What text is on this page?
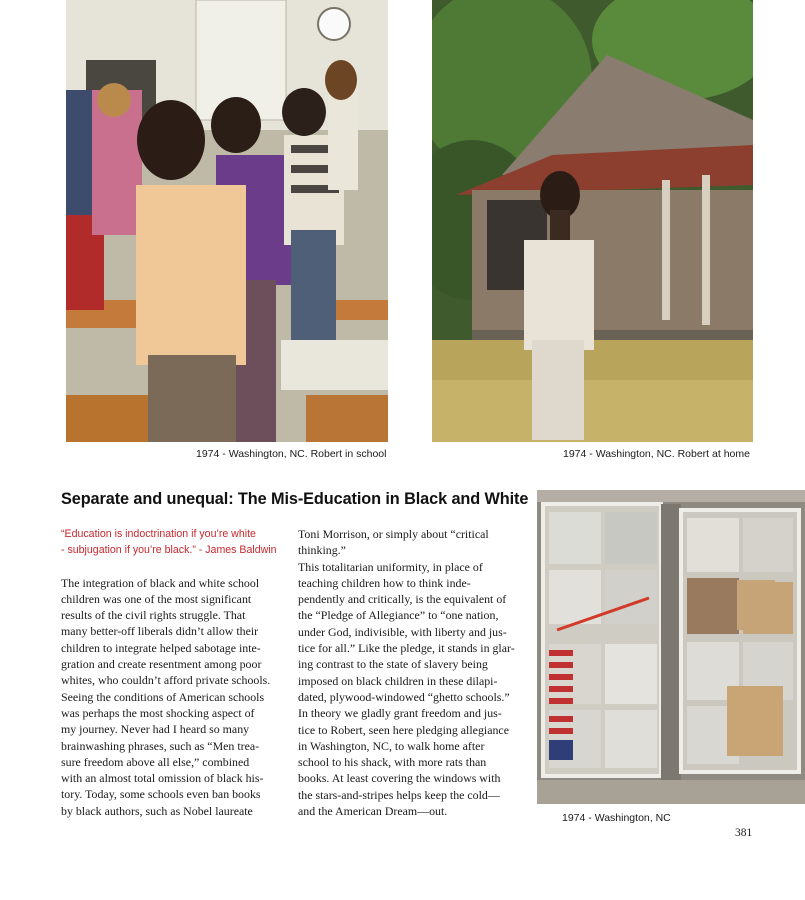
1974 - Washington, NC. Robert in school	1974 - Washington, NC. Robert at home
Separate and unequal: The Mis-Education in Black and White

“Education is indoctrination if you’re white
- subjugation if you’re black.” - James Baldwin

The integration of black and white school
children was one of the most significant
results of the civil rights struggle. That
many better-off liberals didn’t allow their
children to integrate helped sabotage inte-
gration and create resentment among poor
whites, who couldn’t afford private schools.
Seeing the conditions of American schools
was perhaps the most shocking aspect of
my journey. Never had I heard so many
brainwashing phrases, such as “Men trea-
sure freedom above all else,” combined
with an almost total omission of black his-
tory. Today, some schools even ban books
by black authors, such as Nobel laureate

Toni Morrison, or simply about “critical
thinking.”
This totalitarian uniformity, in place of
teaching children how to think inde-
pendently and critically, is the equivalent of
the “Pledge of Allegiance” to “one nation,
under God, indivisible, with liberty and jus-
tice for all.” Like the pledge, it stands in glar-
ing contrast to the state of slavery being
imposed on black children in these dilapi-
dated, plywood-windowed “ghetto schools.”
In theory we gladly grant freedom and jus-
tice to Robert, seen here pledging allegiance
in Washington, NC, to walk home after
school to his shack, with more rats than
books. At least covering the windows with
the stars-and-stripes helps keep the cold—
and the American Dream—out.	1974 - Washington, NC
381
